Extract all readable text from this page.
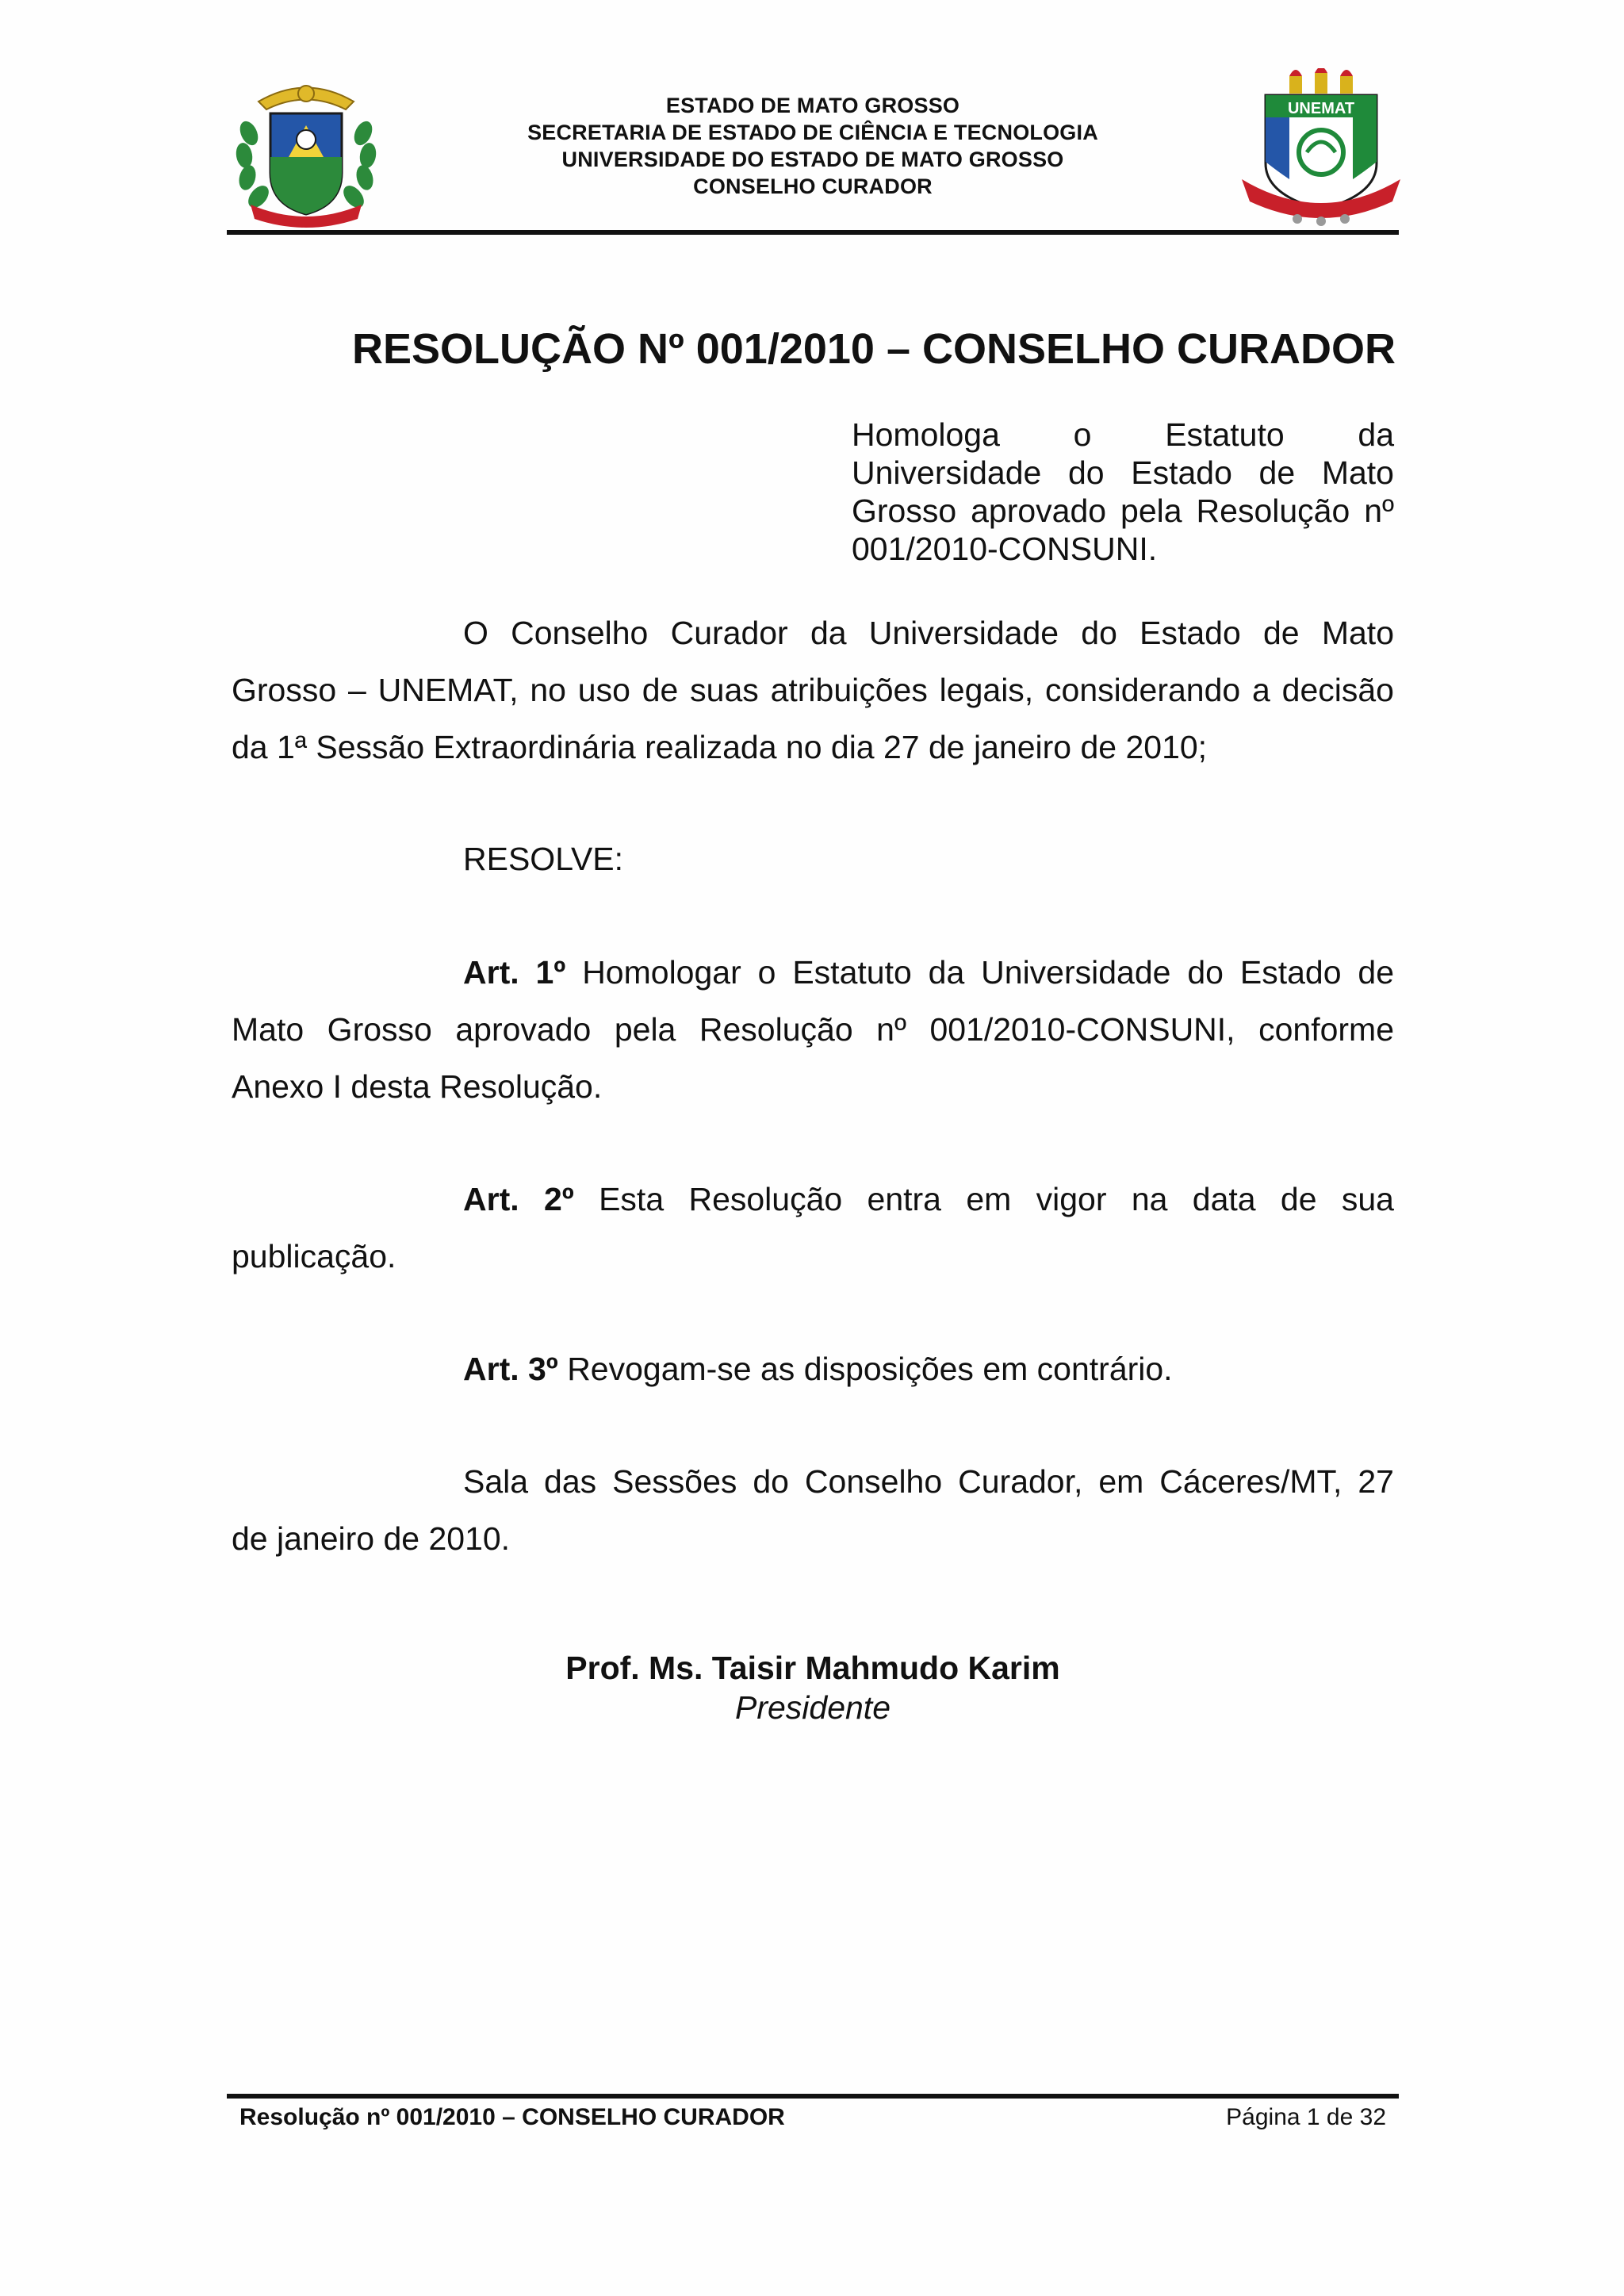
ESTADO DE MATO GROSSO
SECRETARIA DE ESTADO DE CIÊNCIA E TECNOLOGIA
UNIVERSIDADE DO ESTADO DE MATO GROSSO
CONSELHO CURADOR
UNEMAT
RESOLUÇÃO Nº 001/2010 – CONSELHO CURADOR
Homologa o Estatuto da
Universidade do Estado de Mato
Grosso aprovado pela Resolução nº
001/2010-CONSUNI.
O Conselho Curador da Universidade do Estado de Mato
Grosso – UNEMAT, no uso de suas atribuições legais, considerando a decisão
da 1ª Sessão Extraordinária realizada no dia 27 de janeiro de 2010;
RESOLVE:
Art. 1º Homologar o Estatuto da Universidade do Estado de
Mato Grosso aprovado pela Resolução nº 001/2010-CONSUNI, conforme
Anexo I desta Resolução.
Art. 2º Esta Resolução entra em vigor na data de sua
publicação.
Art. 3º Revogam-se as disposições em contrário.
Sala das Sessões do Conselho Curador, em Cáceres/MT, 27
de janeiro de 2010.
Prof. Ms. Taisir Mahmudo Karim
Presidente
Resolução nº 001/2010 – CONSELHO CURADOR	Página 1 de 32
